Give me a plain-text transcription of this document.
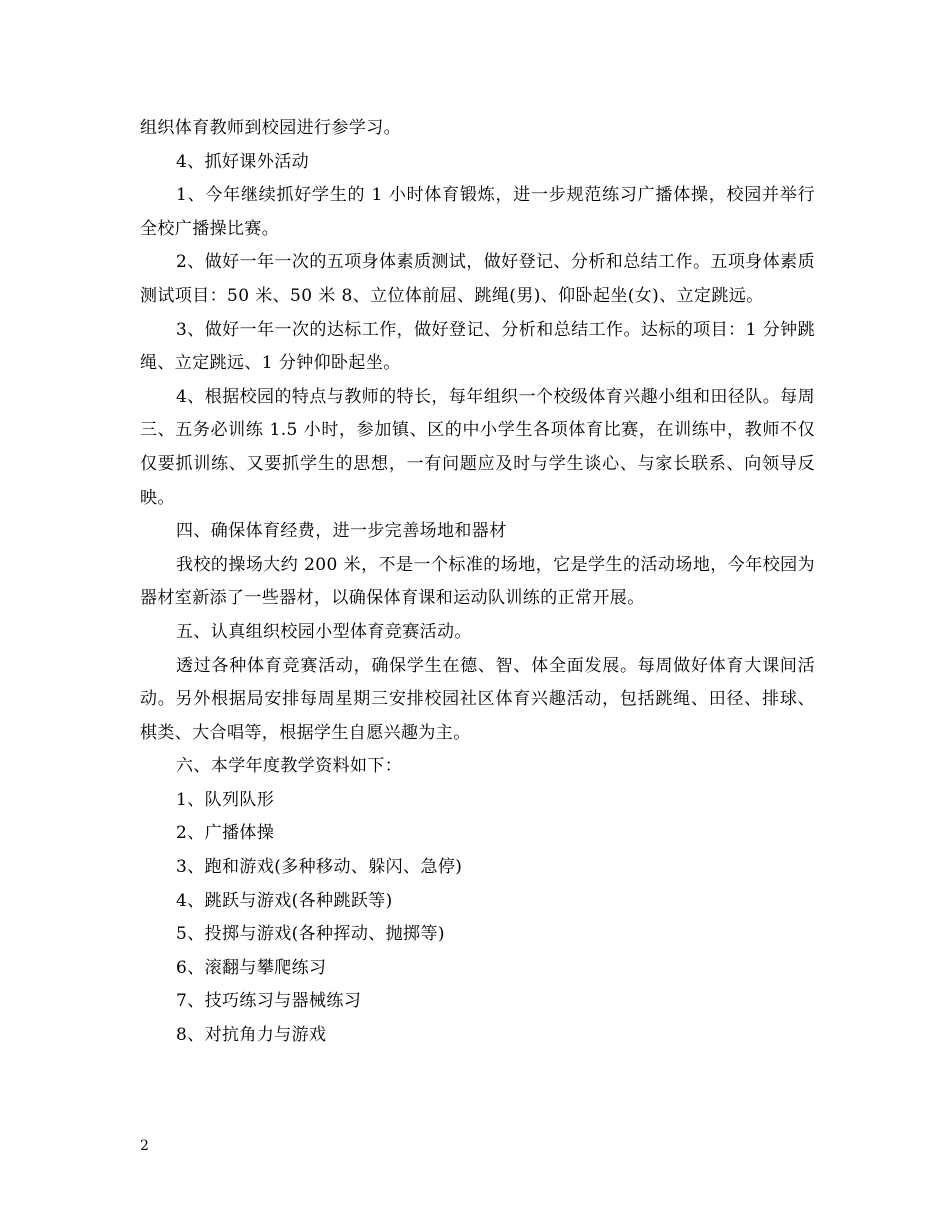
组织体育教师到校园进行参学习。

4、抓好课外活动

1、今年继续抓好学生的 1 小时体育锻炼，进一步规范练习广播体操，校园并举行全校广播操比赛。

2、做好一年一次的五项身体素质测试，做好登记、分析和总结工作。五项身体素质测试项目：50 米、50 米 8、立位体前屈、跳绳(男)、仰卧起坐(女)、立定跳远。

3、做好一年一次的达标工作，做好登记、分析和总结工作。达标的项目：1 分钟跳绳、立定跳远、1 分钟仰卧起坐。

4、根据校园的特点与教师的特长，每年组织一个校级体育兴趣小组和田径队。每周三、五务必训练 1.5 小时，参加镇、区的中小学生各项体育比赛，在训练中，教师不仅仅要抓训练、又要抓学生的思想，一有问题应及时与学生谈心、与家长联系、向领导反映。

四、确保体育经费，进一步完善场地和器材

我校的操场大约 200 米，不是一个标准的场地，它是学生的活动场地，今年校园为器材室新添了一些器材，以确保体育课和运动队训练的正常开展。

五、认真组织校园小型体育竞赛活动。

透过各种体育竞赛活动，确保学生在德、智、体全面发展。每周做好体育大课间活动。另外根据局安排每周星期三安排校园社区体育兴趣活动，包括跳绳、田径、排球、棋类、大合唱等，根据学生自愿兴趣为主。

六、本学年度教学资料如下：

1、队列队形

2、广播体操

3、跑和游戏(多种移动、躲闪、急停)

4、跳跃与游戏(各种跳跃等)

5、投掷与游戏(各种挥动、抛掷等)

6、滚翻与攀爬练习

7、技巧练习与器械练习

8、对抗角力与游戏

2
